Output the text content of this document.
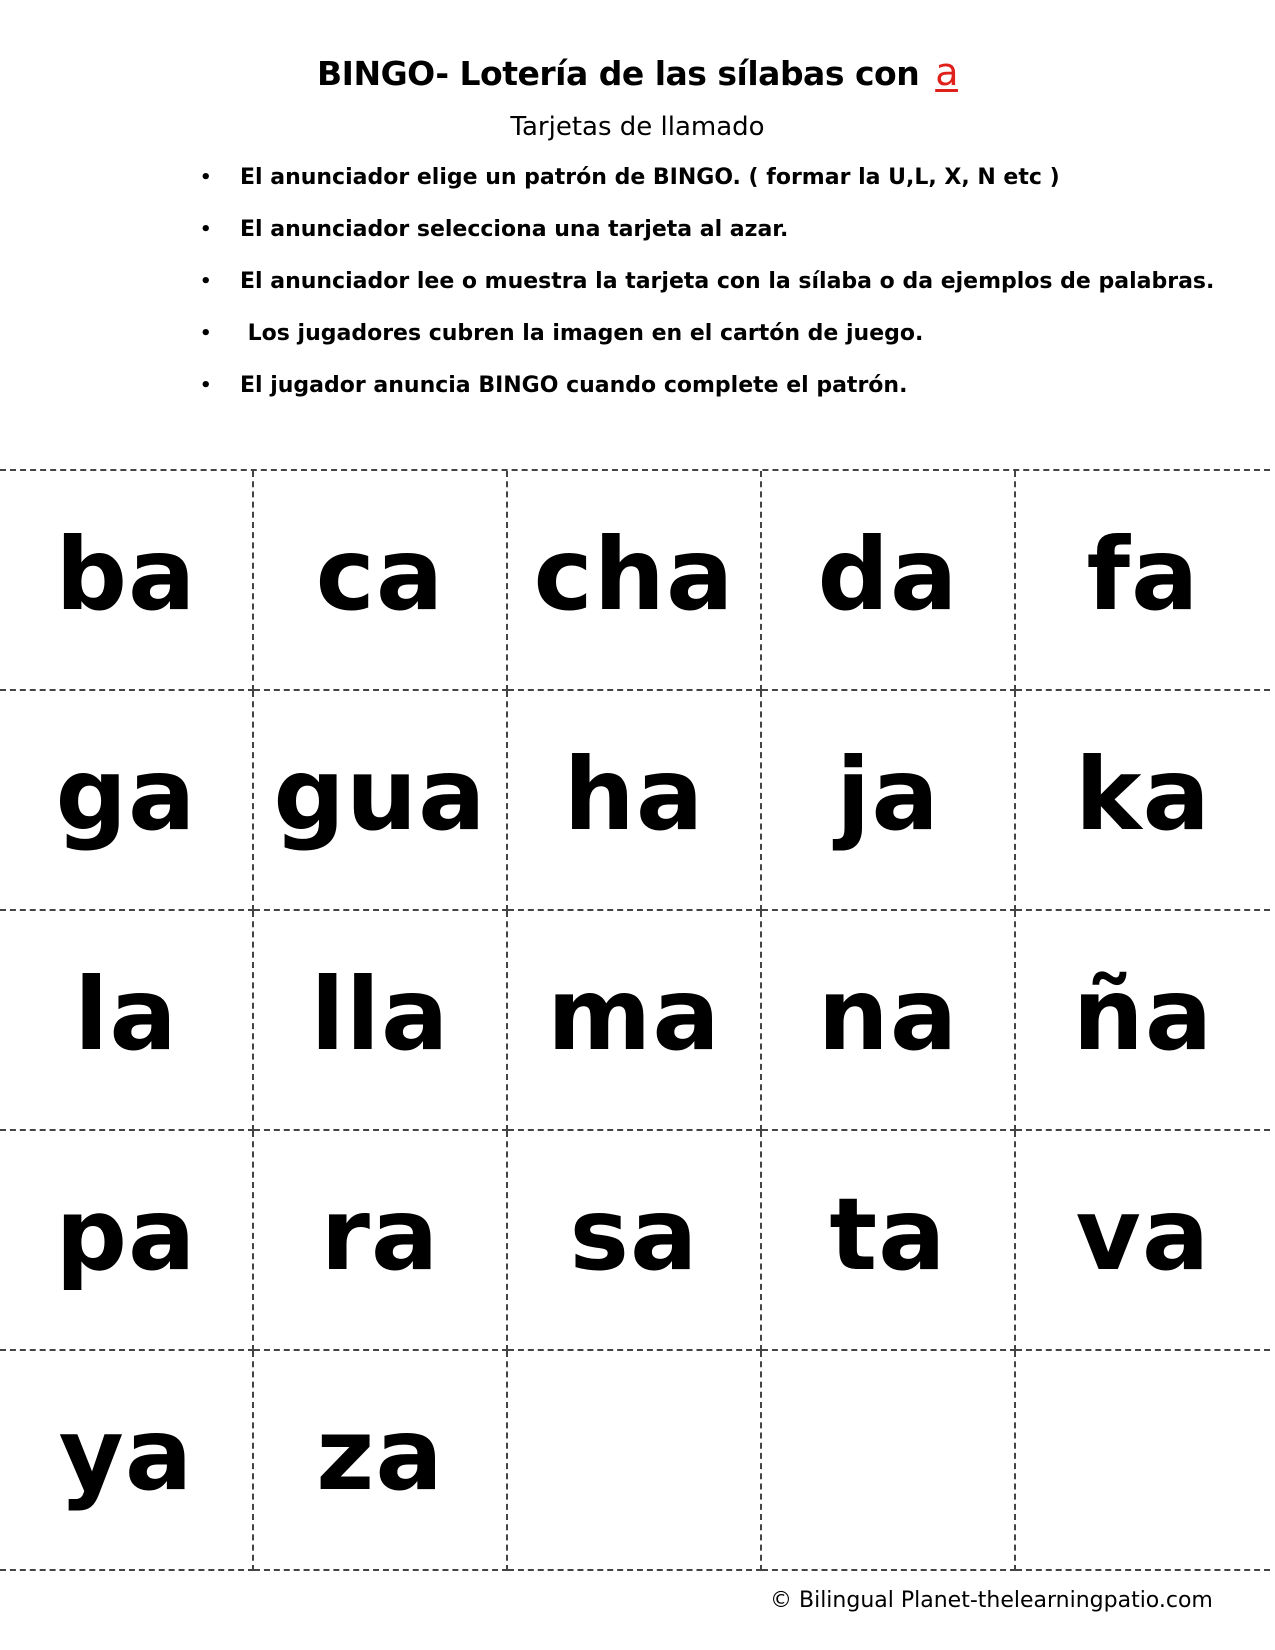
BINGO- Lotería de las sílabas con a
Tarjetas de llamado
•	El anunciador elige un patrón de BINGO. ( formar la U,L, X, N etc )
•	El anunciador selecciona una tarjeta al azar.
•	El anunciador lee o muestra la tarjeta con la sílaba o da ejemplos de palabras.
•	Los jugadores cubren la imagen en el cartón de juego.
•	El jugador anuncia BINGO cuando complete el patrón.
ba ca cha da fa
ga gua ha ja ka
la lla ma na ña
pa ra sa ta va
ya za
© Bilingual Planet-thelearningpatio.com
